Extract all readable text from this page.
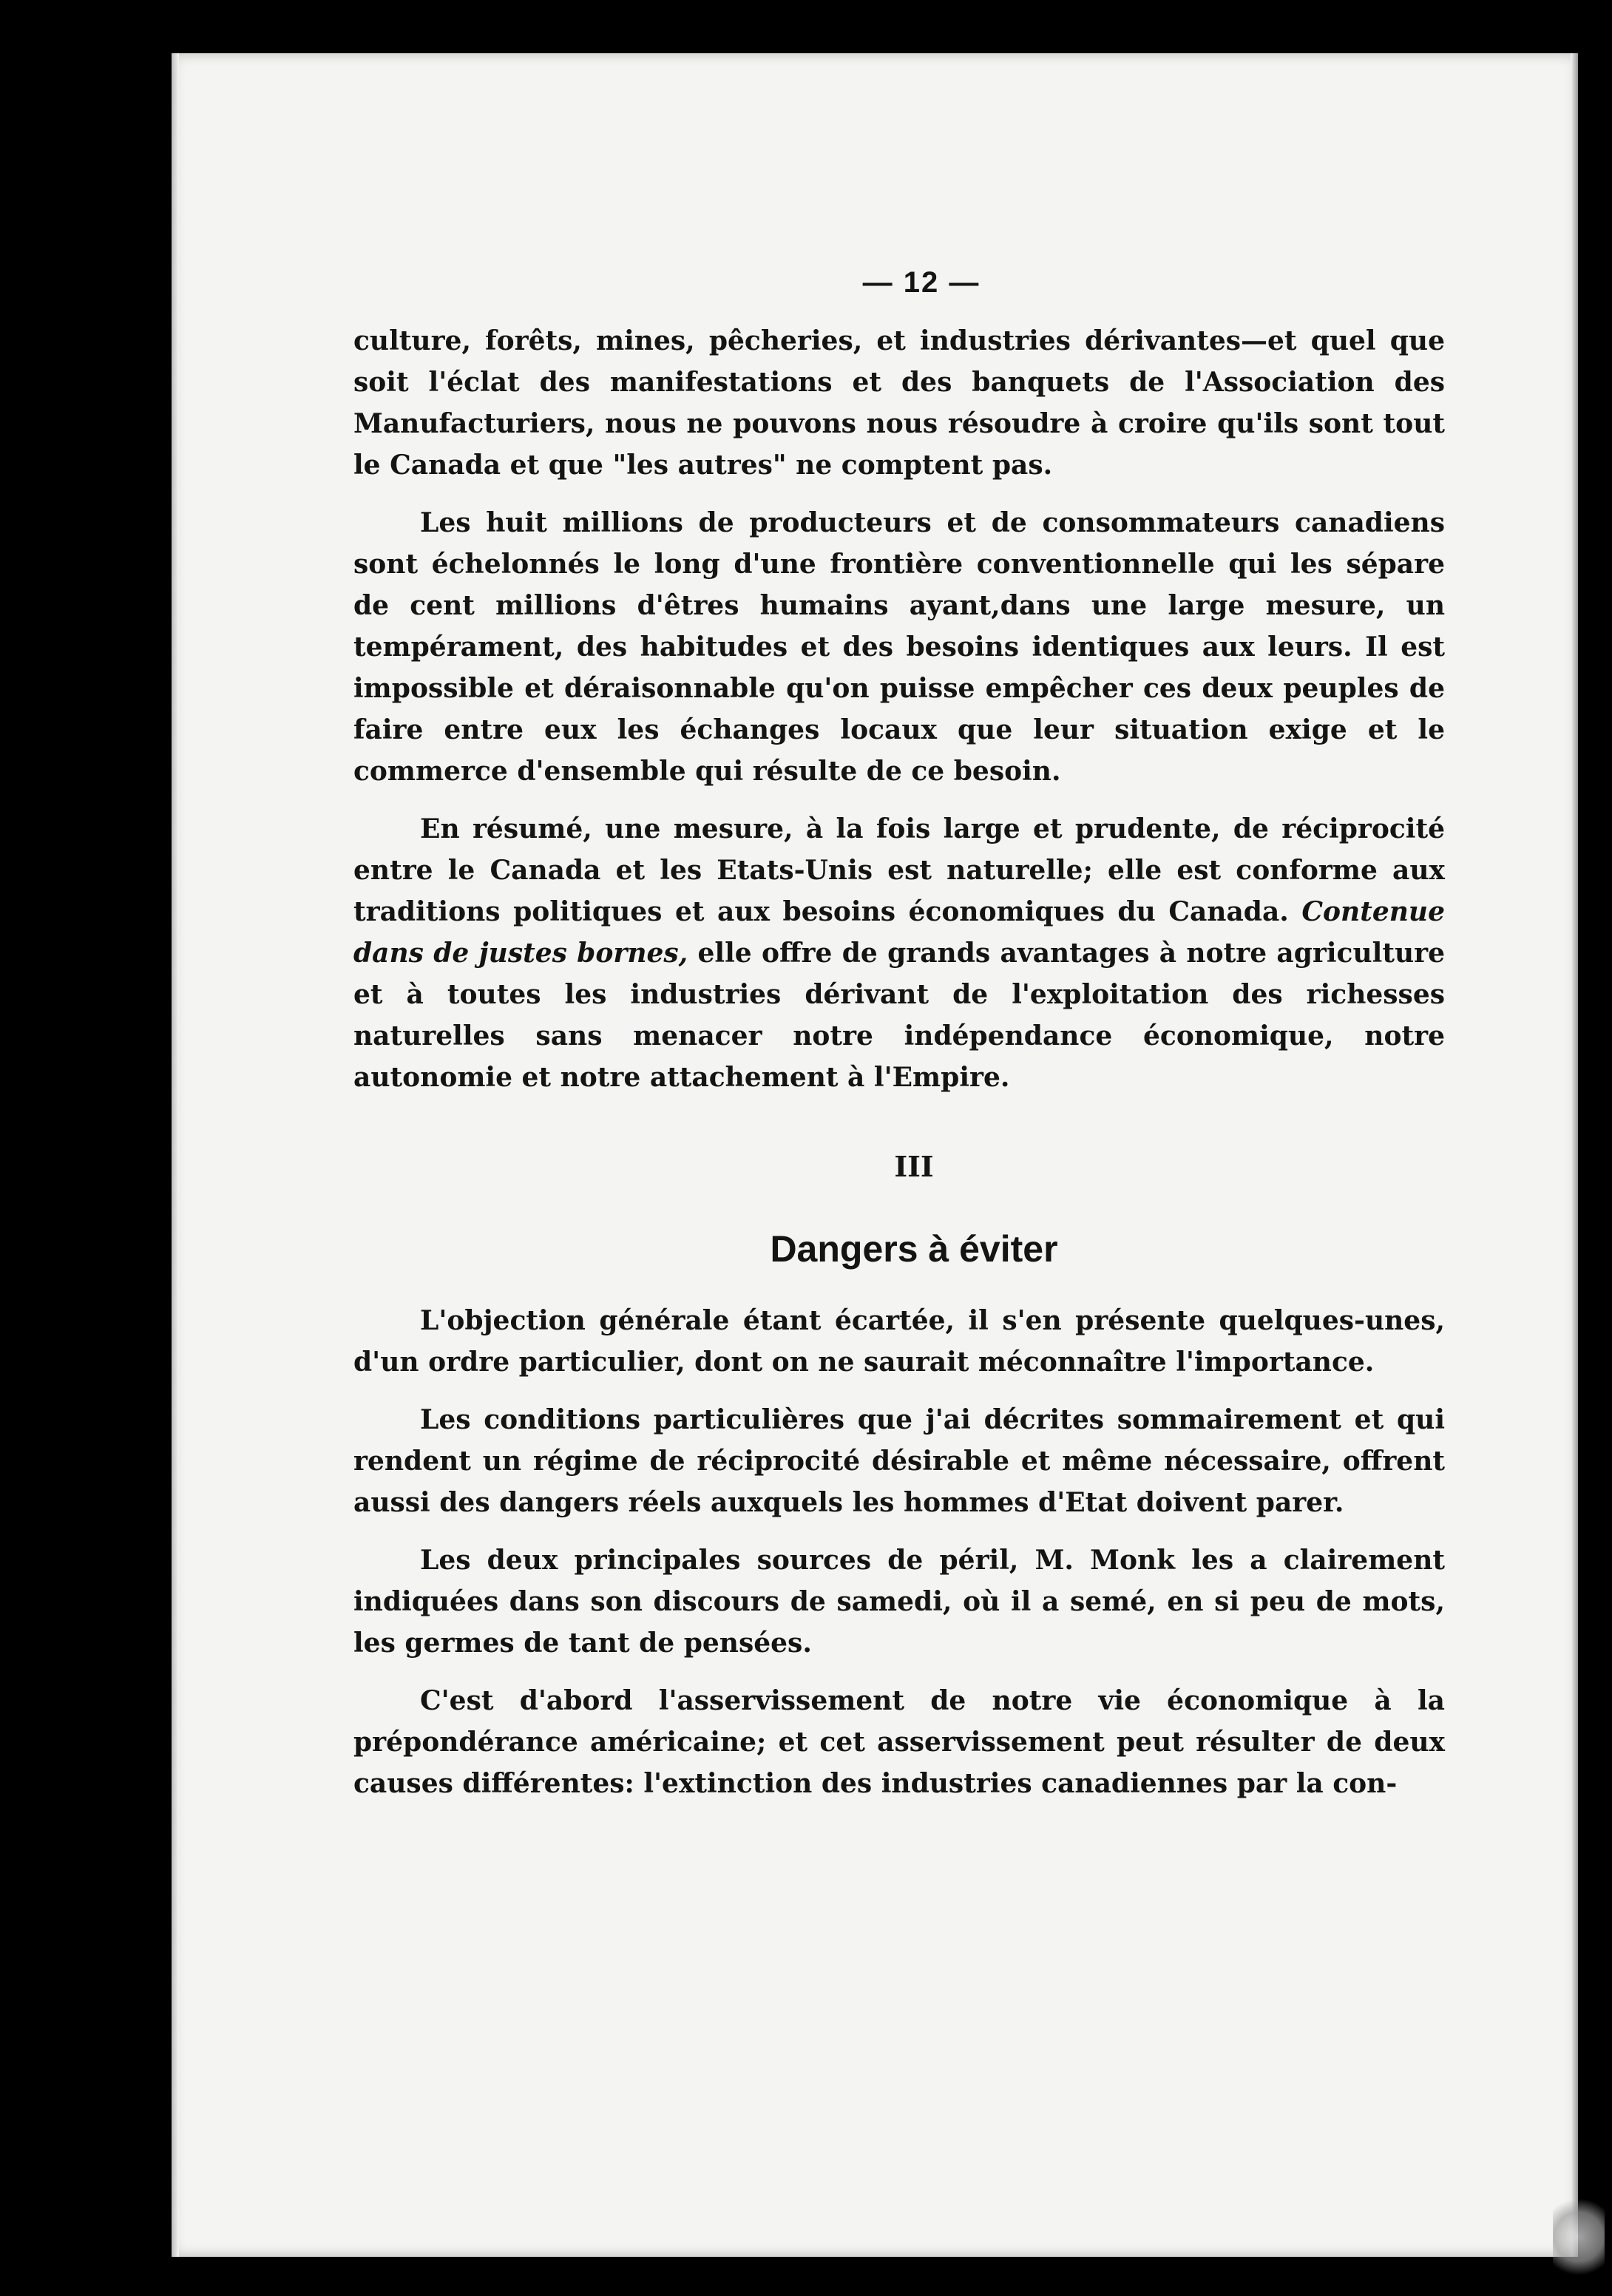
— 12 —

culture, forêts, mines, pêcheries, et industries dérivantes—et quel que soit l'éclat des manifestations et des banquets de l'Association des Manufacturiers, nous ne pouvons nous résoudre à croire qu'ils sont tout le Canada et que "les autres" ne comptent pas.

Les huit millions de producteurs et de consommateurs canadiens sont échelonnés le long d'une frontière conventionnelle qui les sépare de cent millions d'êtres humains ayant,dans une large mesure, un tempérament, des habitudes et des besoins identiques aux leurs. Il est impossible et déraisonnable qu'on puisse empêcher ces deux peuples de faire entre eux les échanges locaux que leur situation exige et le commerce d'ensemble qui résulte de ce besoin.

En résumé, une mesure, à la fois large et prudente, de réciprocité entre le Canada et les Etats-Unis est naturelle; elle est conforme aux traditions politiques et aux besoins économiques du Canada. Contenue dans de justes bornes, elle offre de grands avantages à notre agriculture et à toutes les industries dérivant de l'exploitation des richesses naturelles sans menacer notre indépendance économique, notre autonomie et notre attachement à l'Empire.

III
Dangers à éviter

L'objection générale étant écartée, il s'en présente quelques-unes, d'un ordre particulier, dont on ne saurait méconnaître l'importance.

Les conditions particulières que j'ai décrites sommairement et qui rendent un régime de réciprocité désirable et même nécessaire, offrent aussi des dangers réels auxquels les hommes d'Etat doivent parer.

Les deux principales sources de péril, M. Monk les a clairement indiquées dans son discours de samedi, où il a semé, en si peu de mots, les germes de tant de pensées.

C'est d'abord l'asservissement de notre vie économique à la prépondérance américaine; et cet asservissement peut résulter de deux causes différentes: l'extinction des industries canadiennes par la con-
